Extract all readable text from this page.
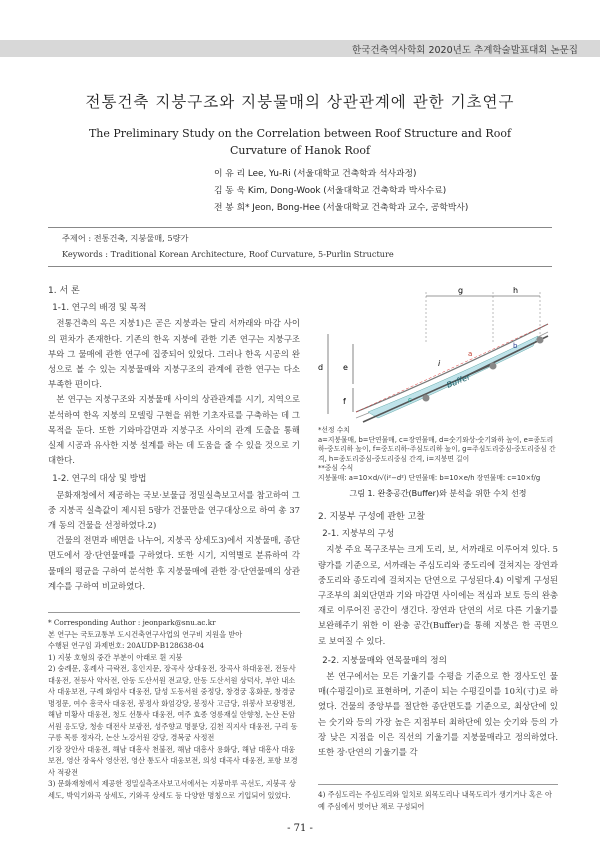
한국건축역사학회 2020년도 추계학술발표대회 논문집
전통건축 지붕구조와 지붕물매의 상관관계에 관한 기초연구
The Preliminary Study on the Correlation between Roof Structure and Roof Curvature of Hanok Roof
이 유 리 Lee, Yu-Ri (서울대학교 건축학과 석사과정)
김 동 욱 Kim, Dong-Wook (서울대학교 건축학과 박사수료)
전 봉 희* Jeon, Bong-Hee (서울대학교 건축학과 교수, 공학박사)
주제어 : 전통건축, 지붕물매, 5량가
Keywords : Traditional Korean Architecture, Roof Curvature, 5-Purlin Structure
1. 서 론
1-1. 연구의 배경 및 목적

전통건축의 옥은 지붕1)은 곧은 지붕과는 달리 서까래와 마감 사이의 편차가 존재한다. 기존의 한옥 지붕에 관한 기존 연구는 지붕구조부와 그 물매에 관한 연구에 집중되어 있었다. 그러나 한옥 시공의 완성으로 볼 수 있는 지붕물매와 지붕구조의 관계에 관한 연구는 다소 부족한 편이다.

본 연구는 지붕구조와 지붕물매 사이의 상관관계를 시기, 지역으로 분석하여 한옥 지붕의 모델링 구현을 위한 기초자료를 구축하는 데 그 목적을 둔다. 또한 기와마감면과 지붕구조 사이의 관계 도출을 통해 실제 시공과 유사한 지붕 설계를 하는 데 도움을 줄 수 있을 것으로 기대한다.

1-2. 연구의 대상 및 방법

문화재청에서 제공하는 국보·보물급 정밀실측보고서를 참고하여 그 중 지붕곡 실측값이 제시된 5량가 건물만을 연구대상으로 하여 총 37개 동의 건물을 선정하였다.2)

건물의 전면과 배면을 나누어, 지붕곡 상세도3)에서 지붕물매, 종단면도에서 장·단연물매를 구하였다. 또한 시기, 지역별로 분류하여 각 물매의 평균을 구하여 분석한 후 지붕물매에 관한 장·단연물매의 상관계수를 구하여 비교하였다.

* Corresponding Author : jeonpark@snu.ac.kr
본 연구는 국토교통부 도시건축연구사업의 연구비 지원을 받아
수행된 연구임 과제번호: 20AUDP-B128638-04
1) 지붕 호형의 중간 부분이 아래로 휜 지붕
2) 숭례문, 홍례사 극락전, 홍인지문, 장곡사 상대웅전, 장곡사 하대웅전, 전등사 대웅전, 전등사 약사전, 안동 도산서원 전교당, 안동 도산서원 상덕사, 부안 내소사 대웅보전, 구례 화엄사 대웅전, 달성 도동서원 중정당, 창경궁 홍화문, 창경궁 명정문, 여수 흥국사 대웅전, 봉정사 화엄강당, 봉정사 고금당, 위봉사 보광명전, 해남 미황사 대웅전, 청도 선통사 대웅전, 여주 효종 영릉재실 안향청, 논산 돈암서원 응도당, 청송 대전사 보광전, 성주향교 명륜당, 김천 직지사 대웅전, 구리 동구릉 목릉 정자각, 논산 노강서원 강당, 경복궁 사정전
기장 장안사 대웅전, 해남 대흥사 천불전, 해남 대흥사 용화당, 해남 대흥사 대웅보전, 영산 장육사 영산전, 영산 통도사 대웅보전, 의성 대곡사 대웅전, 포항 보경사 적광전
3) 문화재청에서 제공한 정밀실측조사보고서에서는 지붕마루 곡선도, 지붕곡 상세도, 박익기와곡 상세도, 기와곡 상세도 등 다양한 명칭으로 기입되어 있었다.
g	h
d e
f
i
a
b
c
Buffer
*선정 수치
a=지붕물매, b=단연물매, c=장연물매, d=숫기와상-숫기와하 높이, e=종도리하-중도리하 높이, f=중도리하-주심도리하 높이, g=주심도리중심-중도리중심 간격, h=종도리중심-중도리중심 간격, i=지붕면 길이
**중심 수식
지붕물매: a=10×d/√(i²−d²) 단연물매: b=10×e/h 장연물매: c=10×f/g
그림 1. 완충공간(Buffer)와 분석을 위한 수치 선정
2. 지붕부 구성에 관한 고찰
2-1. 지붕부의 구성

지붕 주요 목구조부는 크게 도리, 보, 서까래로 이루어져 있다. 5량가를 기준으로, 서까래는 주심도리와 중도리에 걸쳐지는 장연과 중도리와 종도리에 걸쳐지는 단연으로 구성된다.4) 이렇게 구성된 구조부의 최외단면과 기와 마감면 사이에는 적심과 보토 등의 완충재로 이루어진 공간이 생긴다. 장연과 단연의 서로 다른 기울기를 보완해주기 위한 이 완충 공간(Buffer)을 통해 지붕은 한 곡면으로 보여질 수 있다.

2-2. 지붕물매와 연목물매의 정의

본 연구에서는 모든 기울기를 수평을 기준으로 한 경사도인 물매(수평길이)로 표현하며, 기준이 되는 수평길이를 10치(寸)로 하였다. 건물의 중앙부를 절단한 종단면도를 기준으로, 최상단에 있는 숫기와 등의 가장 높은 지점부터 최하단에 있는 숫기와 등의 가장 낮은 지점을 이은 직선의 기울기를 지붕물매라고 정의하였다. 또한 장·단연의 기울기를 각

4) 주심도리는 주심도리와 일치로 외목도리나 내목도리가 생기거나 혹은 아예 주심에서 벗어난 채로 구성되어
- 71 -
